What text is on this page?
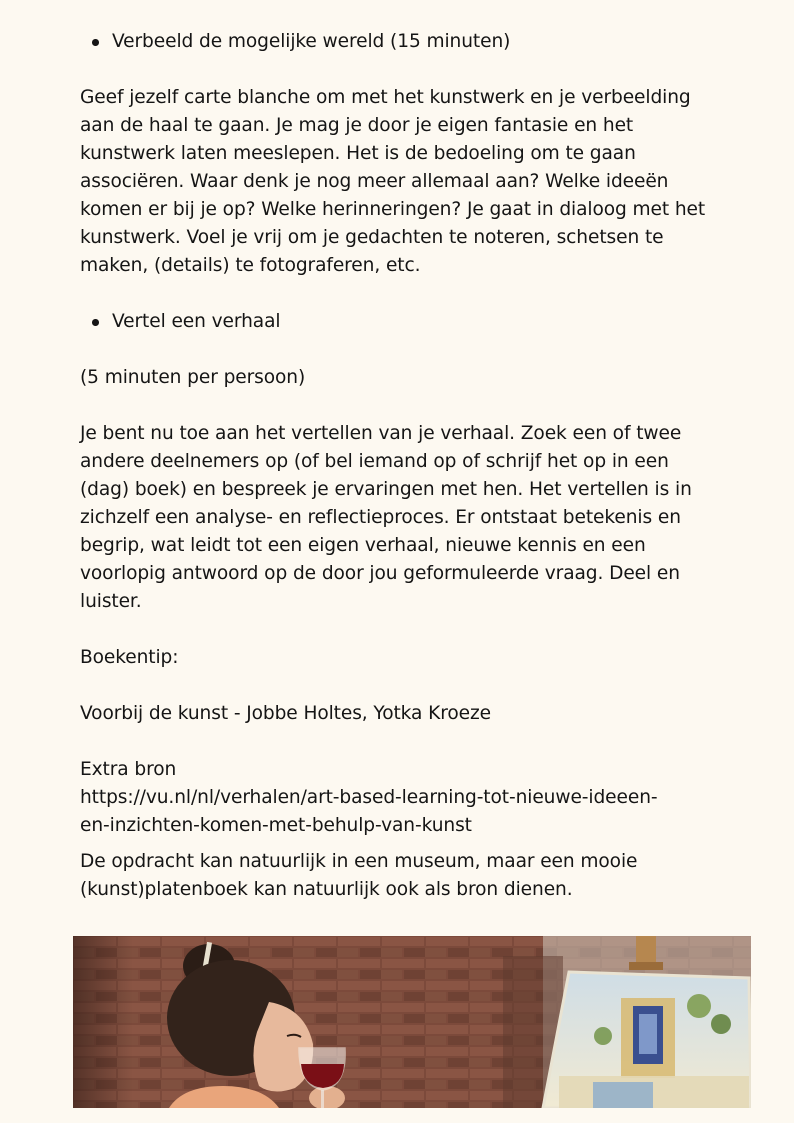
Verbeeld de mogelijke wereld (15 minuten)

Geef jezelf carte blanche om met het kunstwerk en je verbeelding
aan de haal te gaan. Je mag je door je eigen fantasie en het
kunstwerk laten meeslepen. Het is de bedoeling om te gaan
associëren. Waar denk je nog meer allemaal aan? Welke ideeën
komen er bij je op? Welke herinneringen? Je gaat in dialoog met het
kunstwerk. Voel je vrij om je gedachten te noteren, schetsen te
maken, (details) te fotograferen, etc.

Vertel een verhaal

(5 minuten per persoon)

Je bent nu toe aan het vertellen van je verhaal. Zoek een of twee
andere deelnemers op (of bel iemand op of schrijf het op in een
(dag) boek) en bespreek je ervaringen met hen. Het vertellen is in
zichzelf een analyse- en reflectieproces. Er ontstaat betekenis en
begrip, wat leidt tot een eigen verhaal, nieuwe kennis en een
voorlopig antwoord op de door jou geformuleerde vraag. Deel en
luister.

Boekentip:

Voorbij de kunst - Jobbe Holtes, Yotka Kroeze

Extra bron

https://vu.nl/nl/verhalen/art-based-learning-tot-nieuwe-ideeen-
en-inzichten-komen-met-behulp-van-kunst

De opdracht kan natuurlijk in een museum, maar een mooie
(kunst)platenboek kan natuurlijk ook als bron dienen.
